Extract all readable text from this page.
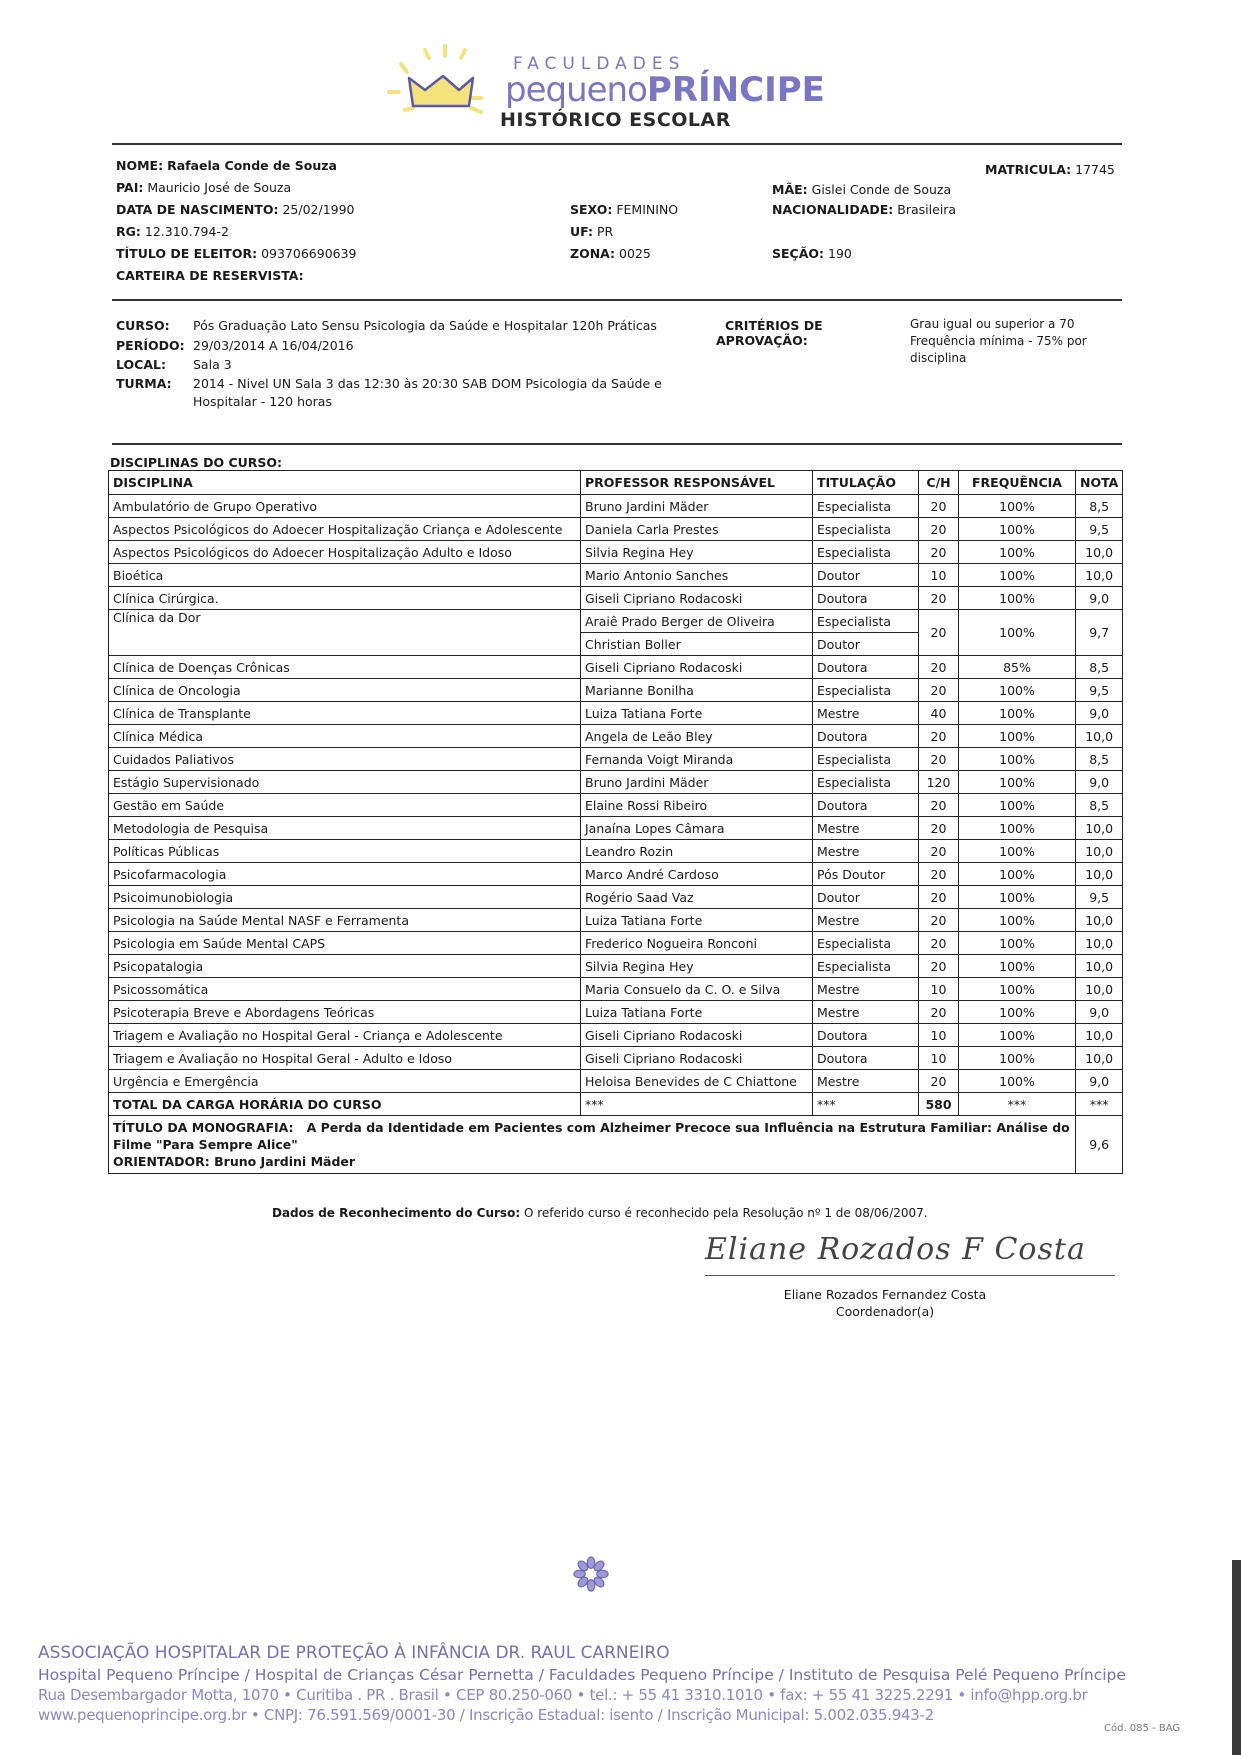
FACULDADES
pequenoPRÍNCIPE
HISTÓRICO ESCOLAR
NOME: Rafaela Conde de Souza	MATRICULA: 17745
PAI: Mauricio José de Souza	MÃE: Gislei Conde de Souza
DATA DE NASCIMENTO: 25/02/1990	SEXO: FEMININO	NACIONALIDADE: Brasileira
RG: 12.310.794-2	UF: PR
TÍTULO DE ELEITOR: 093706690639	ZONA: 0025	SEÇÃO: 190
CARTEIRA DE RESERVISTA:
CURSO: Pós Graduação Lato Sensu Psicologia da Saúde e Hospitalar 120h Práticas
PERÍODO: 29/03/2014 A 16/04/2016
LOCAL: Sala 3
TURMA: 2014 - Nivel UN Sala 3 das 12:30 às 20:30 SAB DOM Psicologia da Saúde e
Hospitalar - 120 horas
CRITÉRIOS DE
APROVAÇÃO:
Grau igual ou superior a 70
Frequência mínima - 75% por
disciplina
DISCIPLINAS DO CURSO:
DISCIPLINA	PROFESSOR RESPONSÁVEL	TITULAÇÃO	C/H	FREQUÊNCIA	NOTA
Ambulatório de Grupo Operativo	Bruno Jardini Mäder	Especialista	20	100%	8,5
Aspectos Psicológicos do Adoecer Hospitalização Criança e Adolescente	Daniela Carla Prestes	Especialista	20	100%	9,5
Aspectos Psicológicos do Adoecer Hospitalização Adulto e Idoso	Silvia Regina Hey	Especialista	20	100%	10,0
Bioética	Mario Antonio Sanches	Doutor	10	100%	10,0
Clínica Cirúrgica.	Giseli Cipriano Rodacoski	Doutora	20	100%	9,0
Clínica da Dor	Araiê Prado Berger de Oliveira	Especialista	20	100%	9,7
	Christian Boller	Doutor			
Clínica de Doenças Crônicas	Giseli Cipriano Rodacoski	Doutora	20	85%	8,5
Clínica de Oncologia	Marianne Bonilha	Especialista	20	100%	9,5
Clínica de Transplante	Luiza Tatiana Forte	Mestre	40	100%	9,0
Clínica Médica	Angela de Leão Bley	Doutora	20	100%	10,0
Cuidados Paliativos	Fernanda Voigt Miranda	Especialista	20	100%	8,5
Estágio Supervisionado	Bruno Jardini Mäder	Especialista	120	100%	9,0
Gestão em Saúde	Elaine Rossi Ribeiro	Doutora	20	100%	8,5
Metodologia de Pesquisa	Janaína Lopes Câmara	Mestre	20	100%	10,0
Políticas Públicas	Leandro Rozin	Mestre	20	100%	10,0
Psicofarmacologia	Marco André Cardoso	Pós Doutor	20	100%	10,0
Psicoimunobiologia	Rogério Saad Vaz	Doutor	20	100%	9,5
Psicologia na Saúde Mental NASF e Ferramenta	Luiza Tatiana Forte	Mestre	20	100%	10,0
Psicologia em Saúde Mental CAPS	Frederico Nogueira Ronconi	Especialista	20	100%	10,0
Psicopatalogia	Silvia Regina Hey	Especialista	20	100%	10,0
Psicossomática	Maria Consuelo da C. O. e Silva	Mestre	10	100%	10,0
Psicoterapia Breve e Abordagens Teóricas	Luiza Tatiana Forte	Mestre	20	100%	9,0
Triagem e Avaliação no Hospital Geral - Criança e Adolescente	Giseli Cipriano Rodacoski	Doutora	10	100%	10,0
Triagem e Avaliação no Hospital Geral - Adulto e Idoso	Giseli Cipriano Rodacoski	Doutora	10	100%	10,0
Urgência e Emergência	Heloisa Benevides de C Chiattone	Mestre	20	100%	9,0
TOTAL DA CARGA HORÁRIA DO CURSO	***	***	580	***	***
TÍTULO DA MONOGRAFIA: A Perda da Identidade em Pacientes com Alzheimer Precoce sua Influência na Estrutura Familiar: Análise do Filme "Para Sempre Alice"
ORIENTADOR: Bruno Jardini Mäder					9,6
Dados de Reconhecimento do Curso: O referido curso é reconhecido pela Resolução nº 1 de 08/06/2007.
Eliane Rozados F Costa
Eliane Rozados Fernandez Costa
Coordenador(a)
ASSOCIAÇÃO HOSPITALAR DE PROTEÇÃO À INFÂNCIA DR. RAUL CARNEIRO
Hospital Pequeno Príncipe / Hospital de Crianças César Pernetta / Faculdades Pequeno Príncipe / Instituto de Pesquisa Pelé Pequeno Príncipe
Rua Desembargador Motta, 1070 • Curitiba . PR . Brasil • CEP 80.250-060 • tel.: + 55 41 3310.1010 • fax: + 55 41 3225.2291 • info@hpp.org.br
www.pequenoprincipe.org.br • CNPJ: 76.591.569/0001-30 / Inscrição Estadual: isento / Inscrição Municipal: 5.002.035.943-2
Cód. 085 - BAG
